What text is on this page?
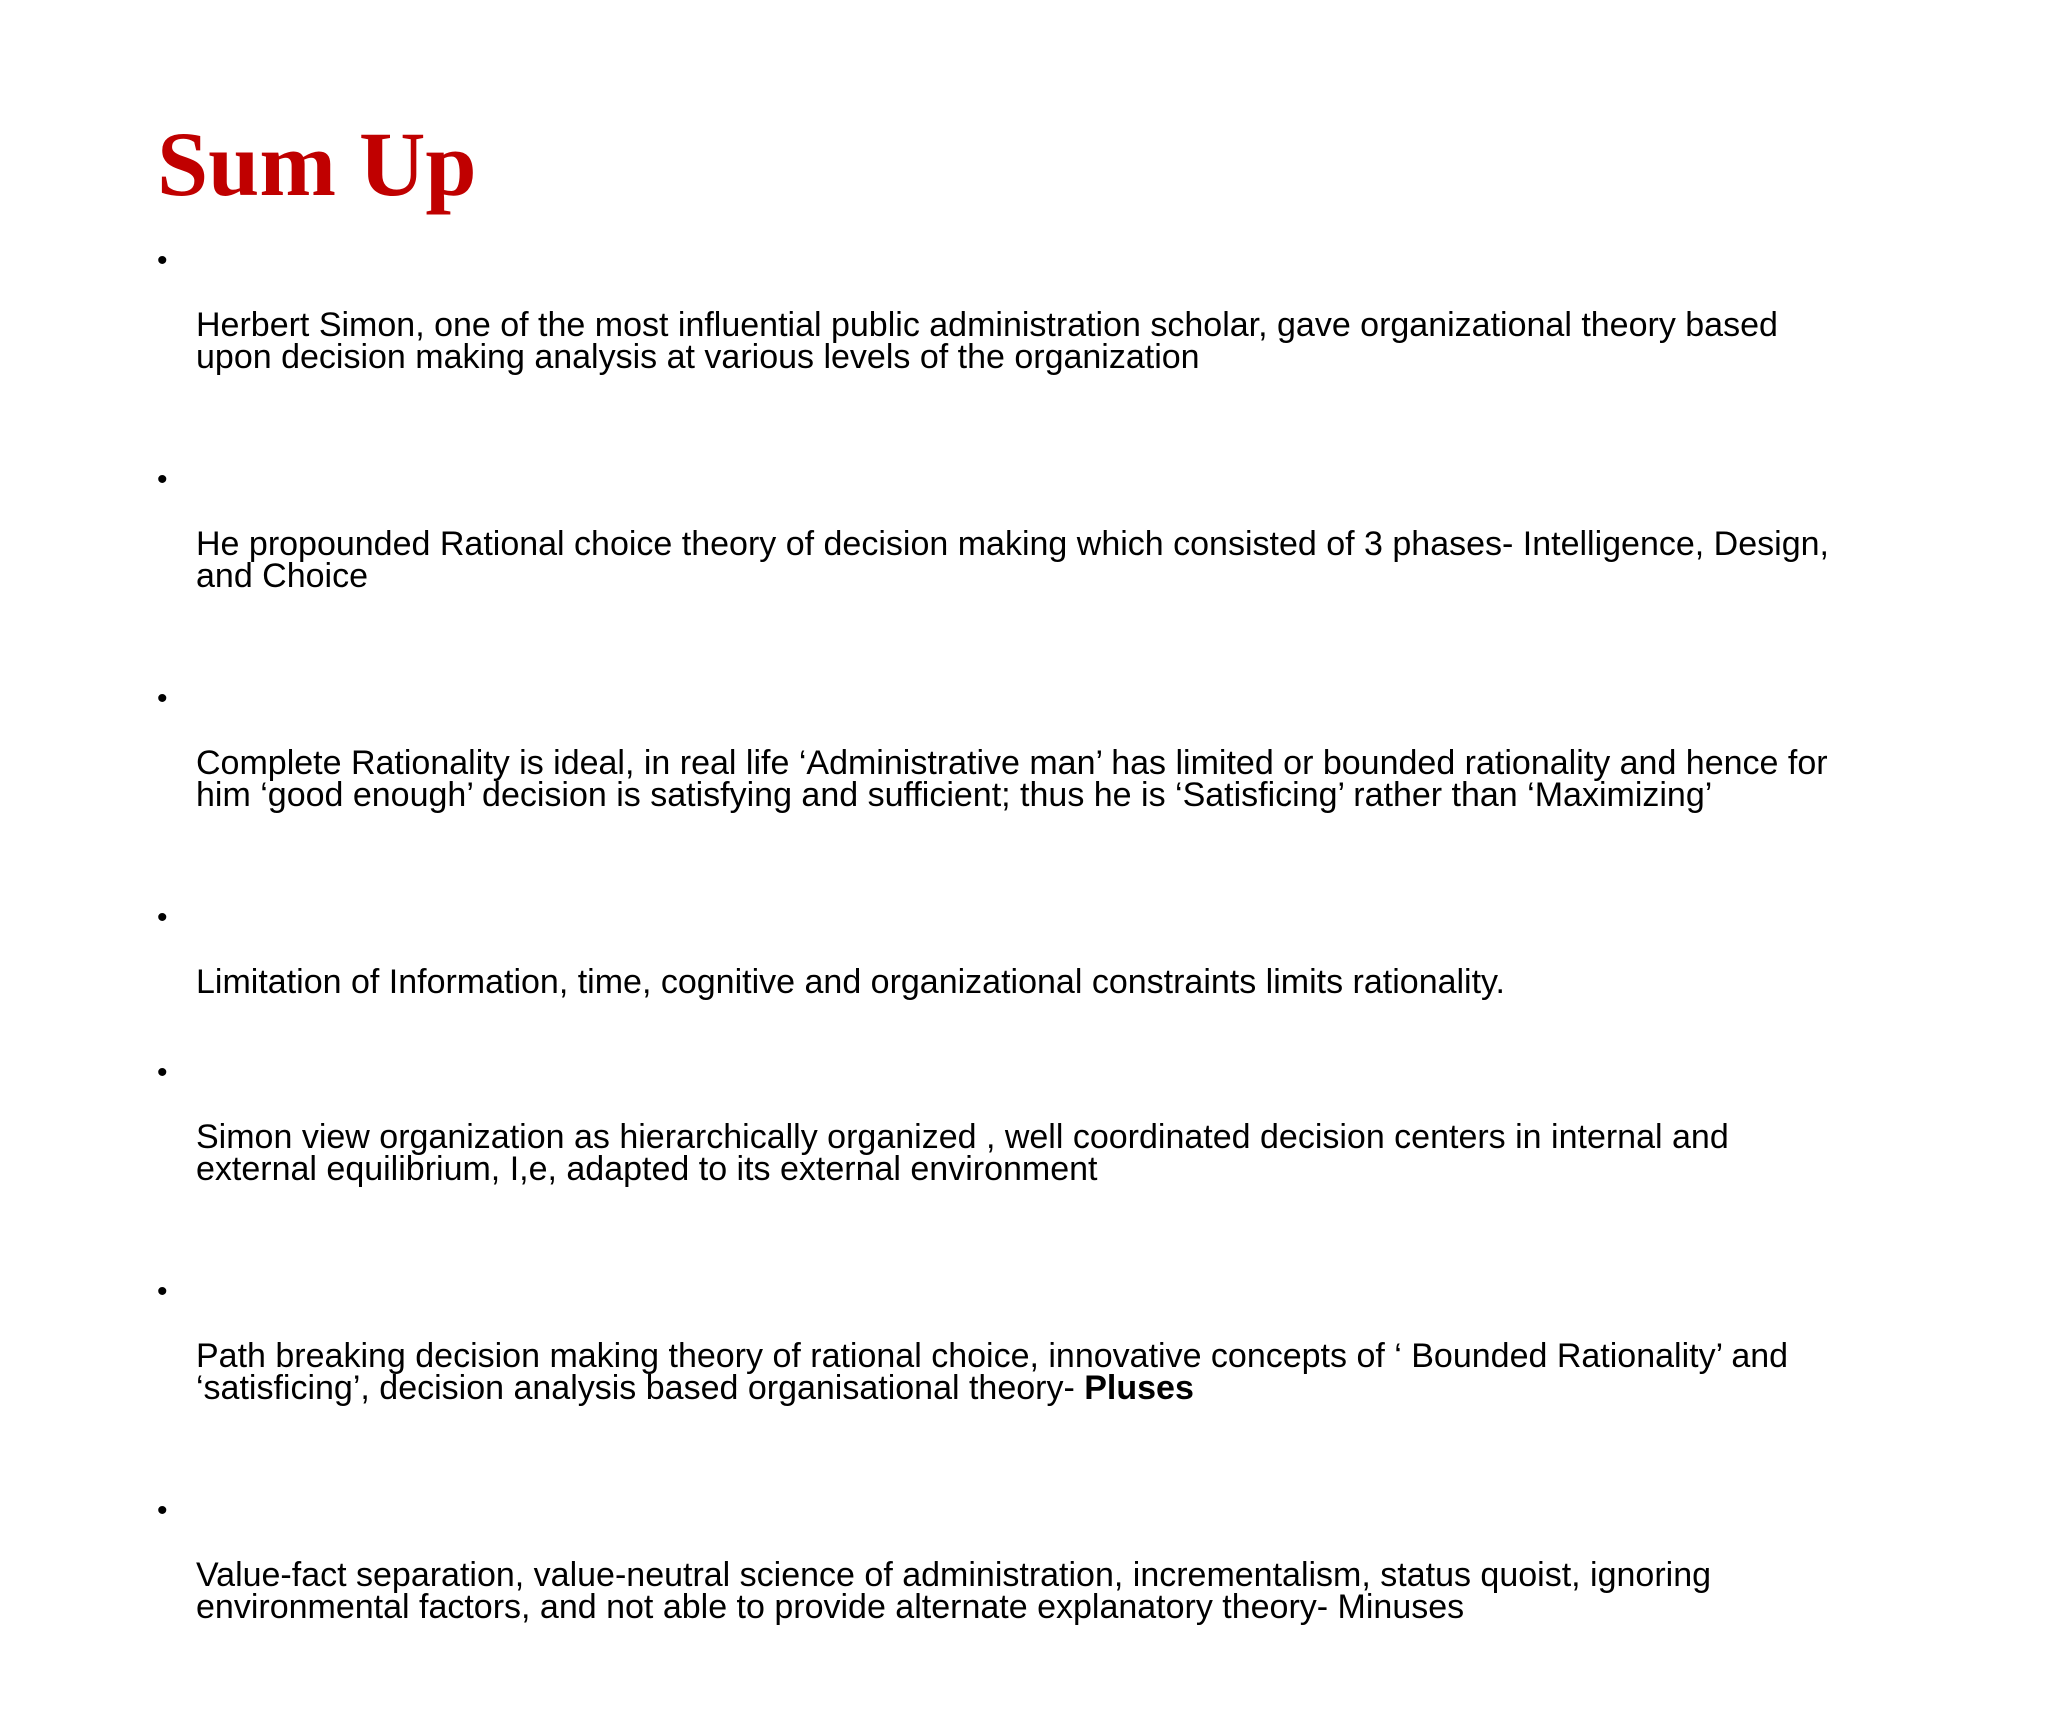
Sum Up

•

Herbert Simon, one of the most influential public administration scholar, gave organizational theory based
upon decision making analysis at various levels of the organization

•

He propounded Rational choice theory of decision making which consisted of 3 phases- Intelligence, Design,
and Choice

•

Complete Rationality is ideal, in real life ‘Administrative man’ has limited or bounded rationality and hence for
him ‘good enough’ decision is satisfying and sufficient; thus he is ‘Satisficing’ rather than ‘Maximizing’

•

Limitation of Information, time, cognitive and organizational constraints limits rationality.

•

Simon view organization as hierarchically organized , well coordinated decision centers in internal and
external equilibrium, I,e, adapted to its external environment

•

Path breaking decision making theory of rational choice, innovative concepts of ‘ Bounded Rationality’ and
‘satisficing’, decision analysis based organisational theory- Pluses

•

Value-fact separation, value-neutral science of administration, incrementalism, status quoist, ignoring
environmental factors, and not able to provide alternate explanatory theory- Minuses
